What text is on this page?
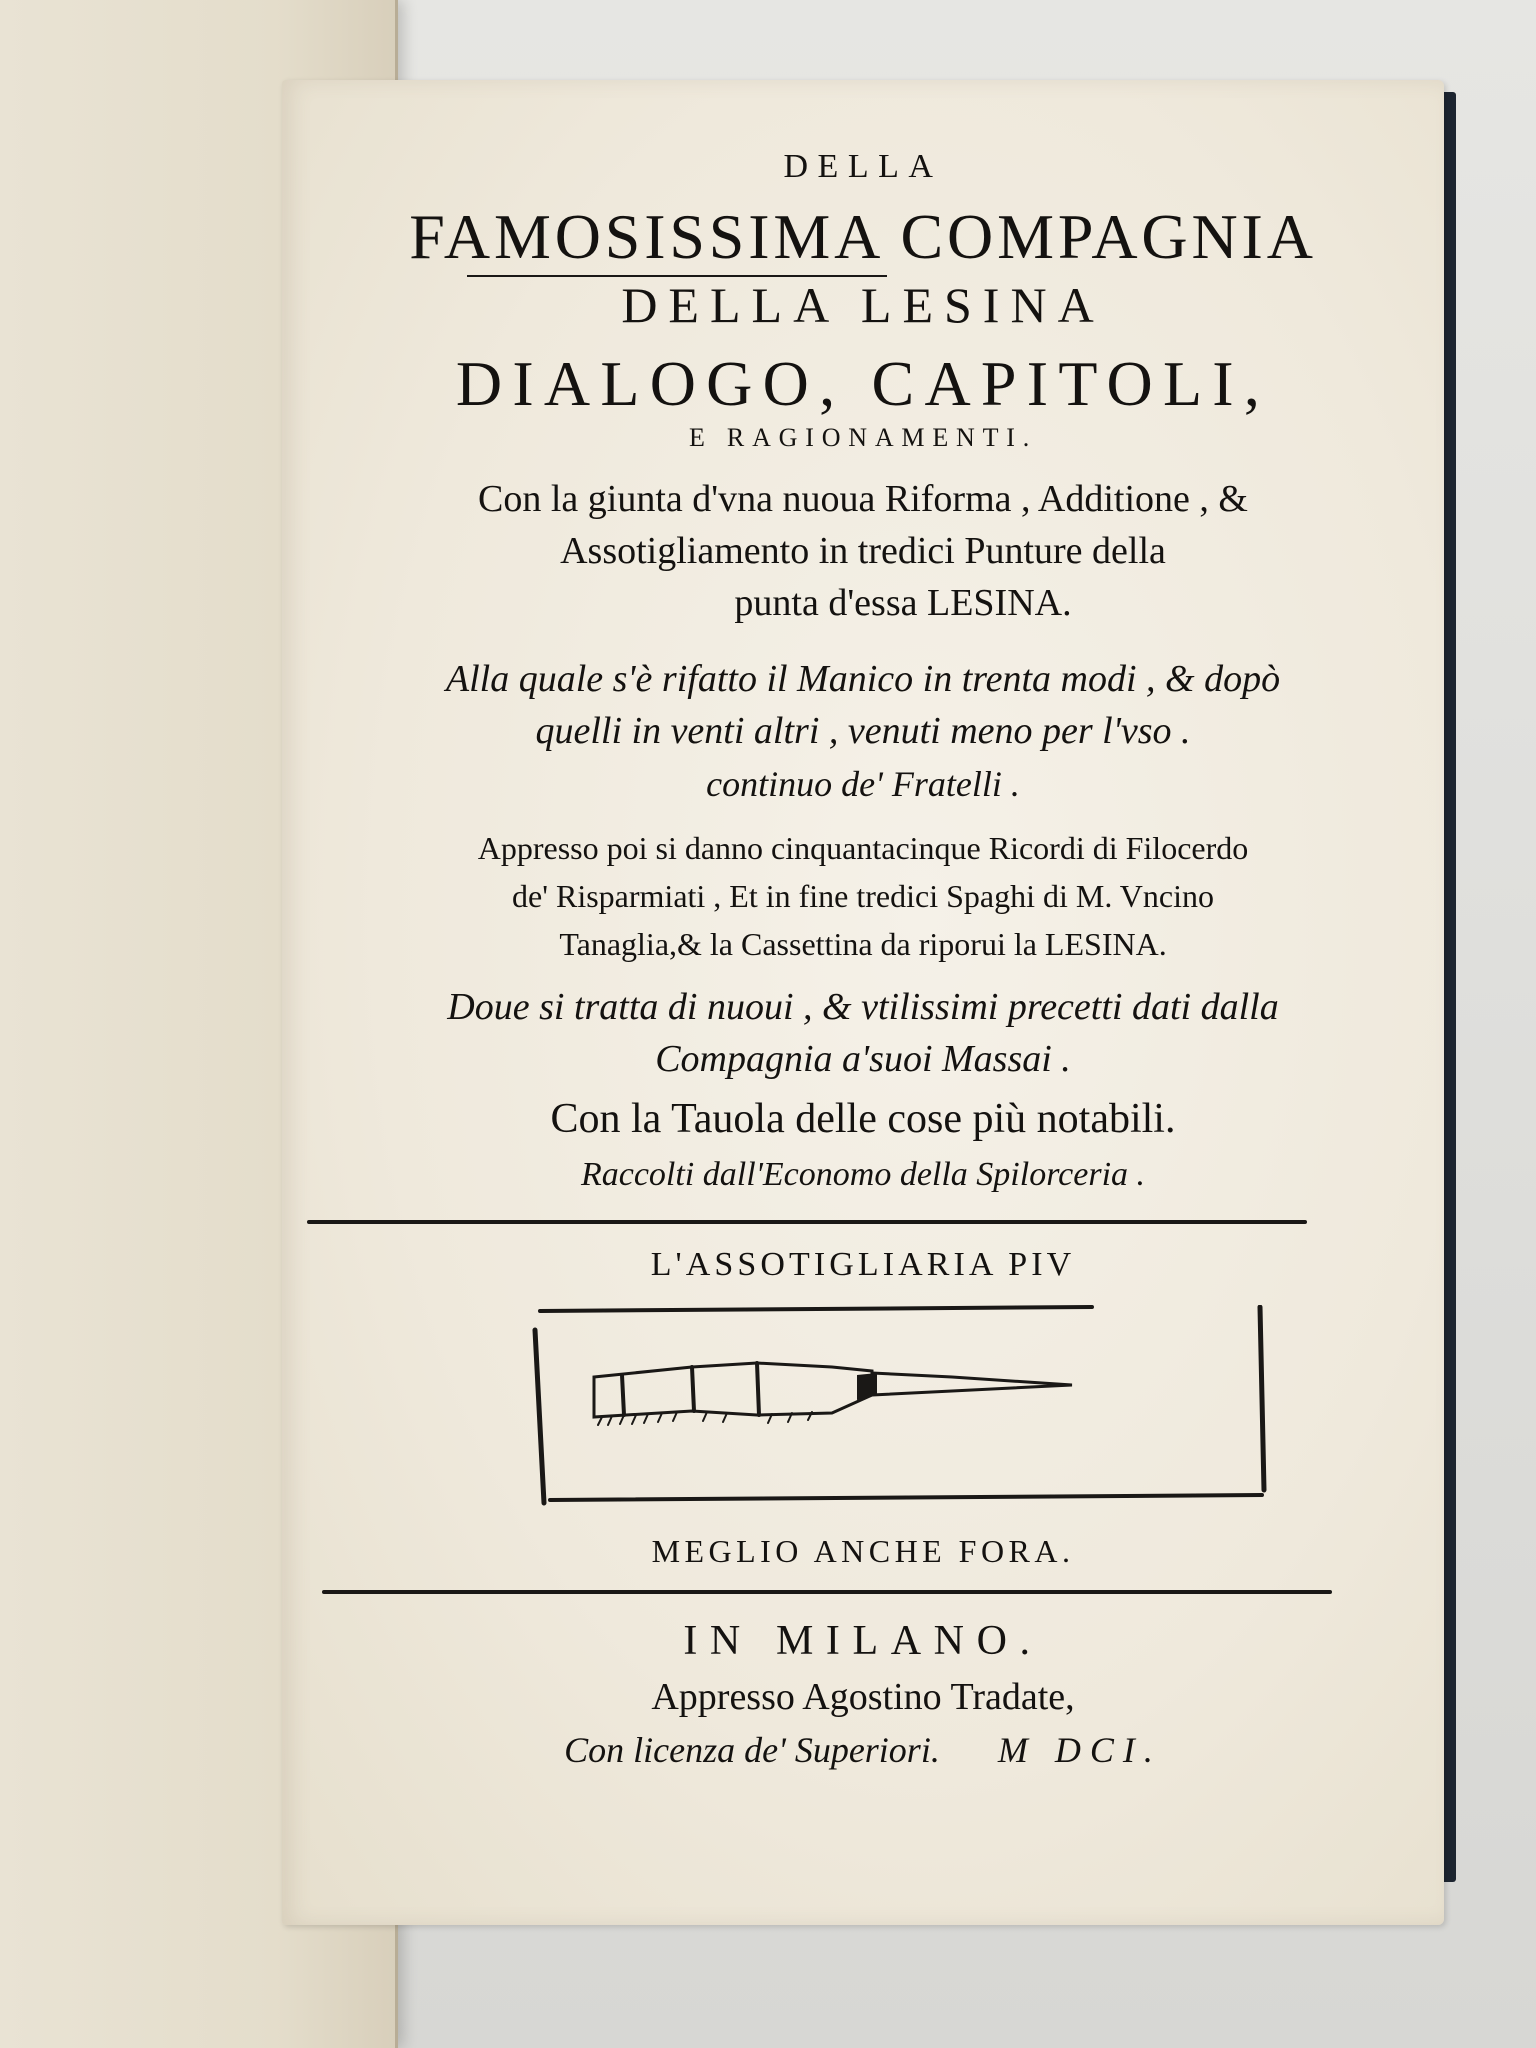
DELLA
FAMOSISSIMA COMPAGNIA
DELLA LESINA
DIALOGO, CAPITOLI,
E RAGIONAMENTI.
Con la giunta d'vna nuoua Riforma , Additione , &
Assotigliamento in tredici Punture della
punta d'essa LESINA.
Alla quale s'è rifatto il Manico in trenta modi , & dopò
quelli in venti altri , venuti meno per l'vso .
continuo de' Fratelli .
Appresso poi si danno cinquantacinque Ricordi di Filocerdo
de' Risparmiati , Et in fine tredici Spaghi di M. Vncino
Tanaglia,& la Cassettina da riporui la LESINA.
Doue si tratta di nuoui , & vtilissimi precetti dati dalla
Compagnia a'suoi Massai .
Con la Tauola delle cose più notabili.
Raccolti dall'Economo della Spilorceria .
L'ASSOTIGLIARIA PIV
MEGLIO ANCHE FORA.
IN MILANO.
Appresso Agostino Tradate,
Con licenza de' Superiori. M DCI.
